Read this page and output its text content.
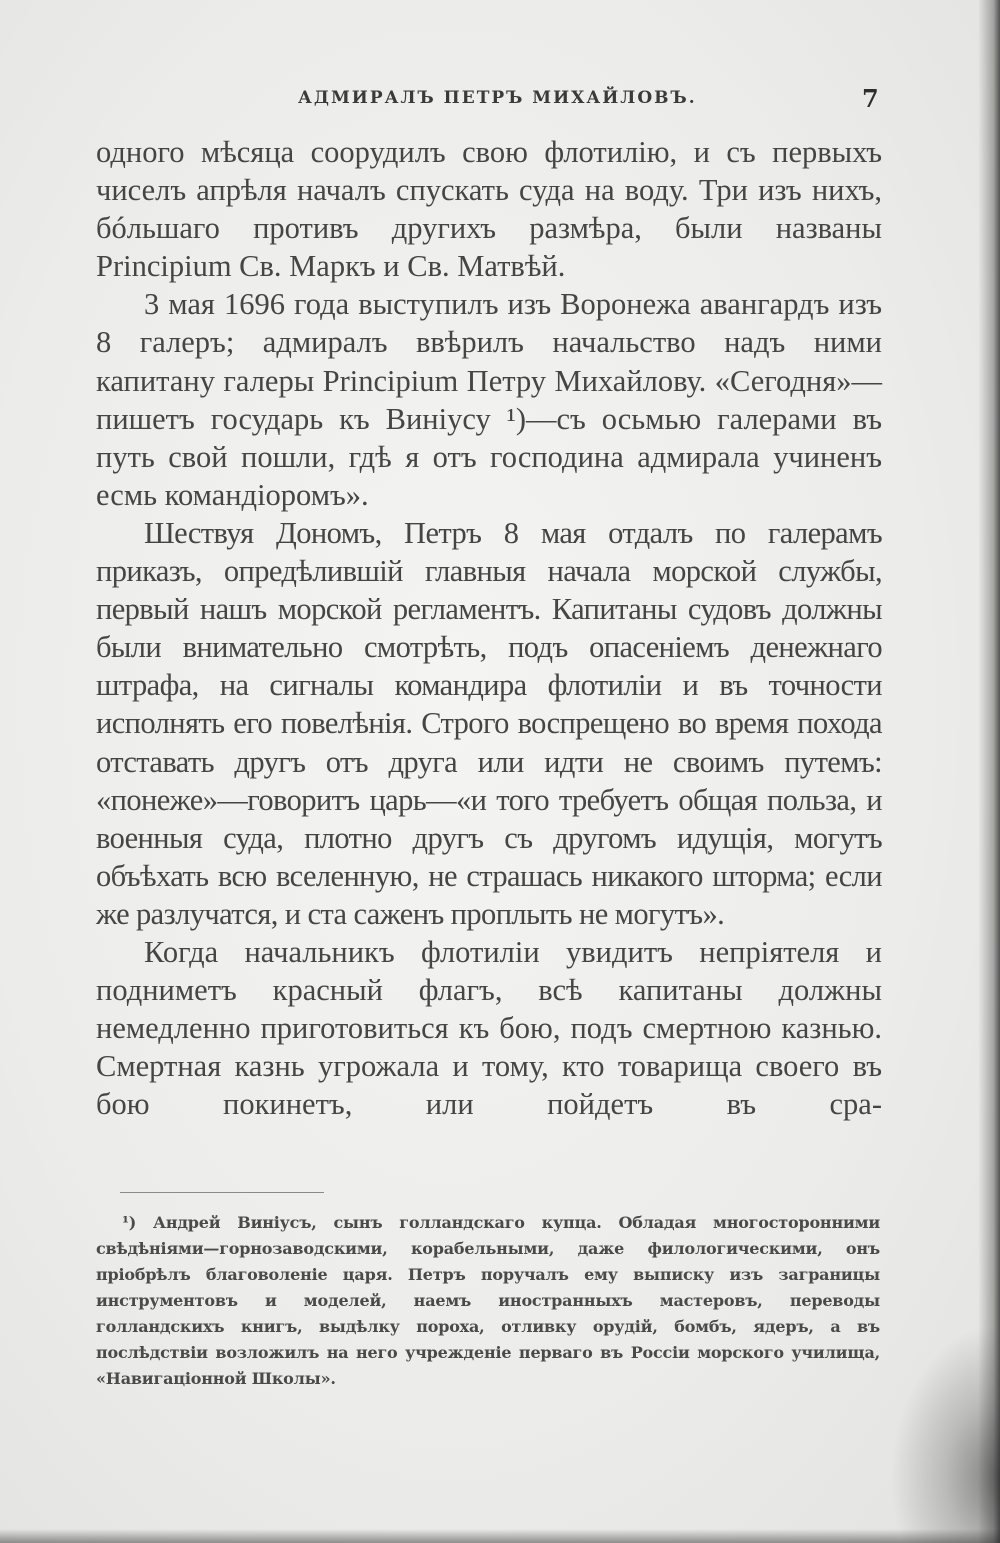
АДМИРАЛЪ ПЕТРЪ МИХАЙЛОВЪ.	7

одного мѣсяца соорудилъ свою флотилію, и съ первыхъ чиселъ апрѣля началъ спускать суда на воду. Три изъ нихъ, бóльшаго противъ другихъ размѣра, были названы Principium Св. Маркъ и Св. Матвѣй.

3 мая 1696 года выступилъ изъ Воронежа авангардъ изъ 8 галеръ; адмиралъ ввѣрилъ начальство надъ ними капитану галеры Principium Петру Михайлову. «Сегодня»—пишетъ государь къ Виніусу ¹)—съ осьмью галерами въ путь свой пошли, гдѣ я отъ господина адмирала учиненъ есмь командіоромъ».

Шествуя Дономъ, Петръ 8 мая отдалъ по галерамъ приказъ, опредѣлившій главныя начала морской службы, первый нашъ морской регламентъ. Капитаны судовъ должны были внимательно смотрѣть, подъ опасеніемъ денежнаго штрафа, на сигналы командира флотиліи и въ точности исполнять его повелѣнія. Строго воспрещено во время похода отставать другъ отъ друга или идти не своимъ путемъ: «понеже»—говоритъ царь—«и того требуетъ общая польза, и военныя суда, плотно другъ съ другомъ идущія, могутъ объѣхать всю вселенную, не страшась никакого шторма; если же разлучатся, и ста саженъ проплыть не могутъ».

Когда начальникъ флотиліи увидитъ непріятеля и подниметъ красный флагъ, всѣ капитаны должны немедленно приготовиться къ бою, подъ смертною казнью. Смертная казнь угрожала и тому, кто товарища своего въ бою покинетъ, или пойдетъ въ сра-

¹) Андрей Виніусъ, сынъ голландскаго купца. Обладая многосторонними свѣдѣніями—горнозаводскими, корабельными, даже филологическими, онъ пріобрѣлъ благоволеніе царя. Петръ поручалъ ему выписку изъ заграницы инструментовъ и моделей, наемъ иностранныхъ мастеровъ, переводы голландскихъ книгъ, выдѣлку пороха, отливку орудій, бомбъ, ядеръ, а въ послѣдствіи возложилъ на него учрежденіе перваго въ Россіи морского училища, «Навигаціонной Школы».
